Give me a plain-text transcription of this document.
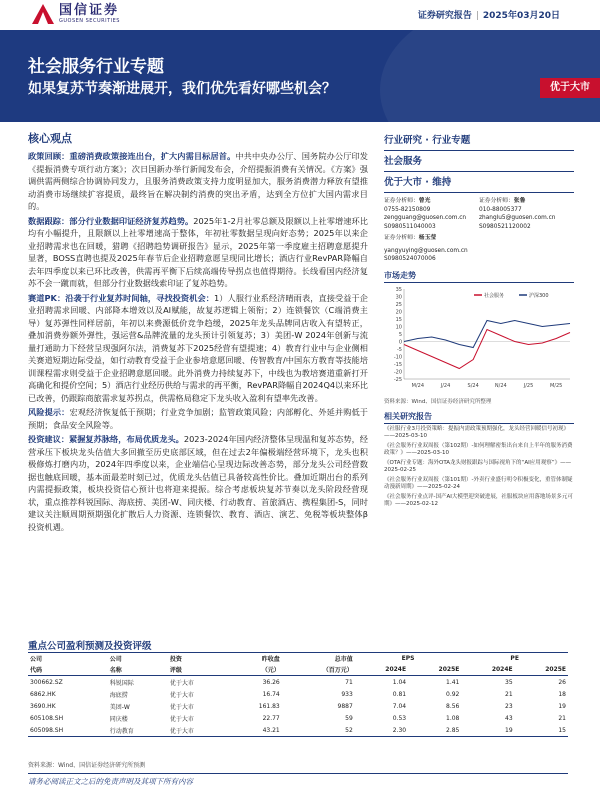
国信证券
GUOSEN SECURITIES	证券研究报告 | 2025年03月20日
社会服务行业专题
如果复苏节奏渐进展开，我们优先看好哪些机会？	优于大市
核心观点

政策回顾：重磅消费政策接连出台，扩大内需目标居首。中共中央办公厅、国务院办公厅印发《提振消费专项行动方案》；次日国新办举行新闻发布会，介绍提振消费有关情况。《方案》强调供需两侧综合协调协同发力，且服务消费政策支持力度明显加大，服务消费潜力释放有望推动消费市场继续扩容提质，最终旨在解决制约消费的突出矛盾，达到全方位扩大国内需求目的。

数据跟踪：部分行业数据印证经济复苏趋势。2025年1-2月社零总额及限额以上社零增速环比均有小幅提升，且限额以上社零增速高于整体，年初社零数据呈现向好态势；2025年以来企业招聘需求也在回暖，猎聘《招聘趋势调研报告》显示，2025年第一季度雇主招聘意愿提升显著，BOSS直聘也提及2025年春节后企业招聘意愿呈现同比增长；酒店行业RevPAR降幅自去年四季度以来已环比改善，供需再平衡下后续高端传导拐点也值得期待。长线看国内经济复苏不会一蹴而就，但部分行业数据线索印证了复苏趋势。

赛道PK：沿袭于行业复苏时间轴，寻找投资机会：1）人服行业系经济晴雨表，直接受益于企业招聘需求回暖、内部降本增效以及AI赋能，故复苏逻辑上领衔；2）连锁餐饮（C端消费主导）复苏弹性同样居前，年初以来费源低价竞争趋缓，2025年龙头品牌同店收入有望转正，叠加消费券额外弹性，强运营&品牌流量的龙头预计引领复苏；3）美团-W 2024年创新与流量打通助力下经营呈现强阿尔法，消费复苏下2025经营有望提速；4）教育行业中与企业侧相关赛道短期边际受益，如行动教育受益于企业参培意愿回暖、传智教育/中国东方教育等技能培训课程需求则受益于企业招聘意愿回暖。此外消费力持续复苏下，中线也为教培赛道重新打开高确化和提价空间；5）酒店行业经历供给与需求的再平衡，RevPAR降幅自2024Q4以来环比已改善，仍跟踪商旅需求复苏拐点，供需格局稳定下龙头收入盈利有望率先改善。

风险提示：宏观经济恢复低于预期；行业竞争加剧；监管政策风险；内部孵化、外延并购低于预期；食品安全风险等。

投资建议：紧握复苏脉络，布局优质龙头。2023-2024年国内经济整体呈现温和复苏态势，经营承压下板块龙头估值大多回撤至历史底部区域，但在过去2年偏极端经营环境下，龙头也积极修炼打磨内功，2024年四季度以来，企业端信心呈现边际改善态势，部分龙头公司经营数据也触底回暖，基本面最差时刻已过，优质龙头估值已具备较高性价比。叠加近期出台的系列内需提振政策，板块投资信心预计也将迎来提振。综合考虑板块复苏节奏以龙头阶段经营现状，重点推荐科锐国际、海底捞、美团-W、同庆楼、行动教育、首旅酒店、携程集团-S，同时建议关注顺周期预期强化扩散后人力资源、连锁餐饮、教育、酒店、演艺、免税等板块整体β投资机遇。

行业研究 · 行业专题
社会服务
优于大市 · 维持
证券分析师：曾光
0755-82150809
zengguang@guosen.com.cn
S0980511040003
证券分析师：张鲁
010-88005377
zhanglu5@guosen.com.cn
S0980521120002
证券分析师：杨玉莹
yangyuying@guosen.com.cn
S0980524070006
市场走势
35
30
25
20
15
10
5
0
-5
-10
-15
-20
-25
M/24	J/24	S/24	N/24	J/25	M/25
社会服务	沪深300
资料来源：Wind、国信证券经济研究所整理
相关研究报告
《社服行业3月投资策略：提振内需政策预期强化，龙头经营回暖信号初现》——2025-03-10
《社会服务行业双周报（第102期）-如何理解密集出台来自上半年的服务消费政策？》——2025-03-10
《OTA行业专题：海外OTA龙头财报跟踪与国际视角下的“AI应用观察”》——2025-02-25
《社会服务行业双周报（第101期）-外卖行业盛行明令积极变化，重管体制疑动漫新周期》——2025-02-24
《社会服务行业点评-国产AI大模型迎突破进展，社服板块应用落地场景多元可期》——2025-02-12
重点公司盈利预测及投资评级
公司	公司	投资	昨收盘	总市值	EPS		PE	
代码	名称	评级	（元）	（百万元）	2024E	2025E	2024E	2025E
300662.SZ	科锐国际	优于大市	36.26	71	1.04	1.41	35	26
6862.HK	海底捞	优于大市	16.74	933	0.81	0.92	21	18
3690.HK	美团-W	优于大市	161.83	9887	7.04	8.56	23	19
605108.SH	同庆楼	优于大市	22.77	59	0.53	1.08	43	21
605098.SH	行动教育	优于大市	43.21	52	2.30	2.85	19	15
资料来源：Wind、国信证券经济研究所预测
请务必阅读正文之后的免责声明及其项下所有内容
